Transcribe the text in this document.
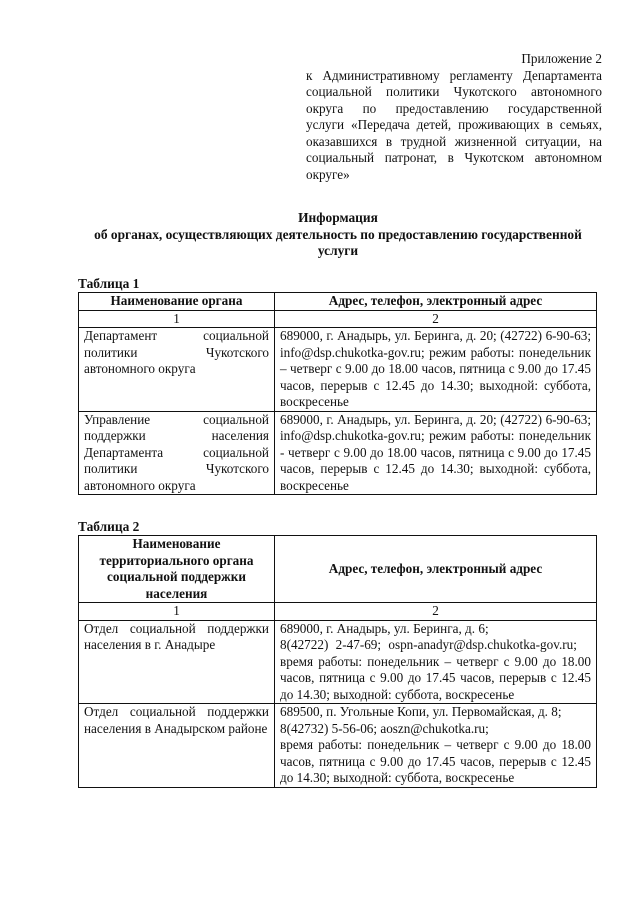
Приложение 2
к Административному регламенту Департамента
социальной политики Чукотского автономного
округа по предоставлению государственной
услуги «Передача детей, проживающих в семьях,
оказавшихся в трудной жизненной ситуации, на
социальный патронат, в Чукотском автономном
округе»
Информация
об органах, осуществляющих деятельность по предоставлению государственной
услуги
Таблица 1
Наименование органа	Адрес, телефон, электронный адрес
1	2
Департамент социальной политики Чукотского автономного округа	689000, г. Анадырь, ул. Беринга, д. 20; (42722) 6-90-63; info@dsp.chukotka-gov.ru; режим работы: понедельник – четверг с 9.00 до 18.00 часов, пятница с 9.00 до 17.45 часов, перерыв с 12.45 до 14.30; выходной: суббота, воскресенье
Управление социальной поддержки населения Департамента социальной политики Чукотского автономного округа	689000, г. Анадырь, ул. Беринга, д. 20; (42722) 6-90-63; info@dsp.chukotka-gov.ru; режим работы: понедельник - четверг с 9.00 до 18.00 часов, пятница с 9.00 до 17.45 часов, перерыв с 12.45 до 14.30; выходной: суббота, воскресенье
Таблица 2
Наименование территориального органа социальной поддержки населения	Адрес, телефон, электронный адрес
1	2
Отдел социальной поддержки населения в г. Анадыре	689000, г. Анадырь, ул. Беринга, д. 6;
8(42722) 2-47-69; ospn-anadyr@dsp.chukotka-gov.ru;
время работы: понедельник – четверг с 9.00 до 18.00 часов, пятница с 9.00 до 17.45 часов, перерыв с 12.45 до 14.30; выходной: суббота, воскресенье

Отдел социальной поддержки населения в Анадырском районе	689500, п. Угольные Копи, ул. Первомайская, д. 8;
8(42732) 5-56-06; aoszn@chukotka.ru;
время работы: понедельник – четверг с 9.00 до 18.00 часов, пятница с 9.00 до 17.45 часов, перерыв с 12.45 до 14.30; выходной: суббота, воскресенье
